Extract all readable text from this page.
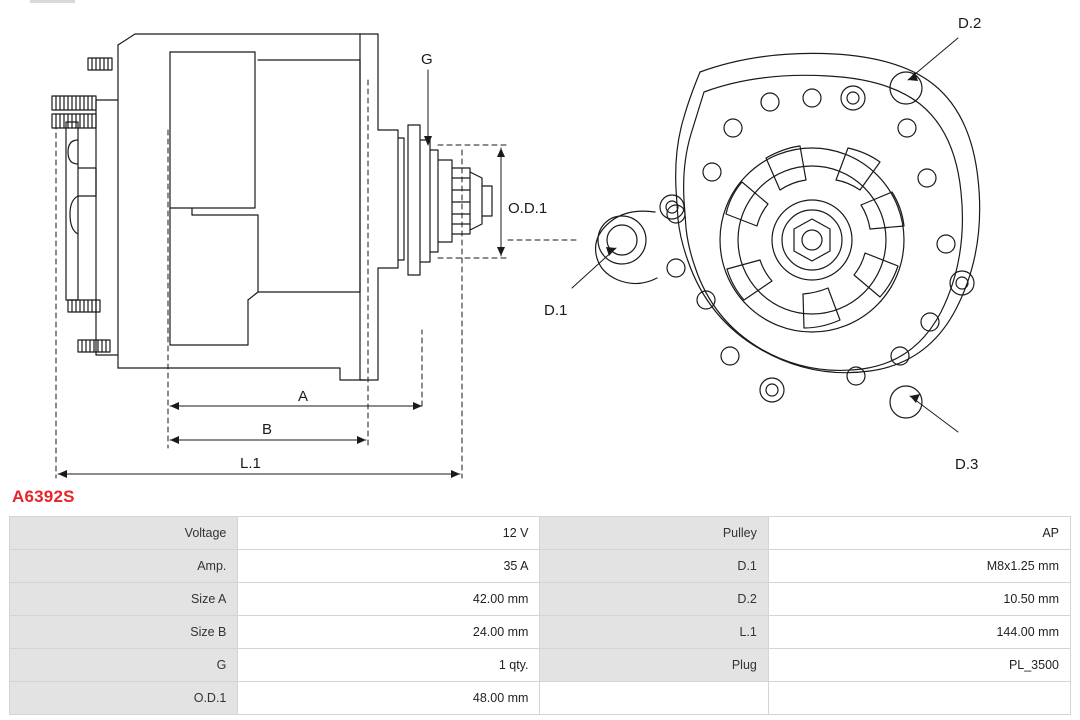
G
O.D.1
A
B
L.1
D.1
D.2
D.3
A6392S
Voltage	12 V	Pulley	AP
Amp.	35 A	D.1	M8x1.25 mm
Size A	42.00 mm	D.2	10.50 mm
Size B	24.00 mm	L.1	144.00 mm
G	1 qty.	Plug	PL_3500
O.D.1	48.00 mm		
